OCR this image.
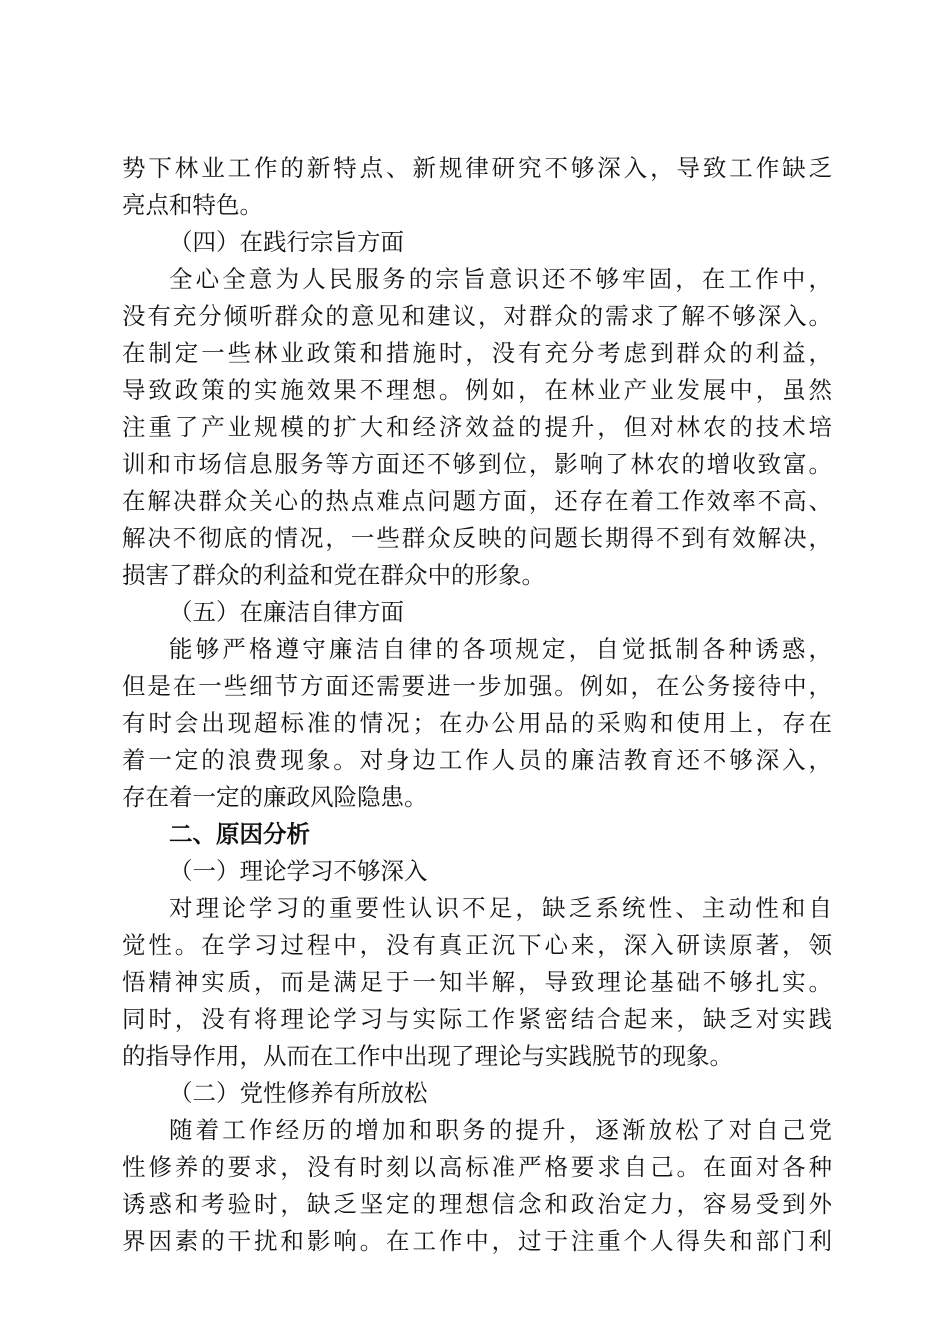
势下林业工作的新特点、新规律研究不够深入，导致工作缺乏
亮点和特色。
（四）在践行宗旨方面
全心全意为人民服务的宗旨意识还不够牢固，在工作中，
没有充分倾听群众的意见和建议，对群众的需求了解不够深入。
在制定一些林业政策和措施时，没有充分考虑到群众的利益，
导致政策的实施效果不理想。例如，在林业产业发展中，虽然
注重了产业规模的扩大和经济效益的提升，但对林农的技术培
训和市场信息服务等方面还不够到位，影响了林农的增收致富。
在解决群众关心的热点难点问题方面，还存在着工作效率不高、
解决不彻底的情况，一些群众反映的问题长期得不到有效解决，
损害了群众的利益和党在群众中的形象。
（五）在廉洁自律方面
能够严格遵守廉洁自律的各项规定，自觉抵制各种诱惑，
但是在一些细节方面还需要进一步加强。例如，在公务接待中，
有时会出现超标准的情况；在办公用品的采购和使用上，存在
着一定的浪费现象。对身边工作人员的廉洁教育还不够深入，
存在着一定的廉政风险隐患。
二、原因分析
（一）理论学习不够深入
对理论学习的重要性认识不足，缺乏系统性、主动性和自
觉性。在学习过程中，没有真正沉下心来，深入研读原著，领
悟精神实质，而是满足于一知半解，导致理论基础不够扎实。
同时，没有将理论学习与实际工作紧密结合起来，缺乏对实践
的指导作用，从而在工作中出现了理论与实践脱节的现象。
（二）党性修养有所放松
随着工作经历的增加和职务的提升，逐渐放松了对自己党
性修养的要求，没有时刻以高标准严格要求自己。在面对各种
诱惑和考验时，缺乏坚定的理想信念和政治定力，容易受到外
界因素的干扰和影响。在工作中，过于注重个人得失和部门利
